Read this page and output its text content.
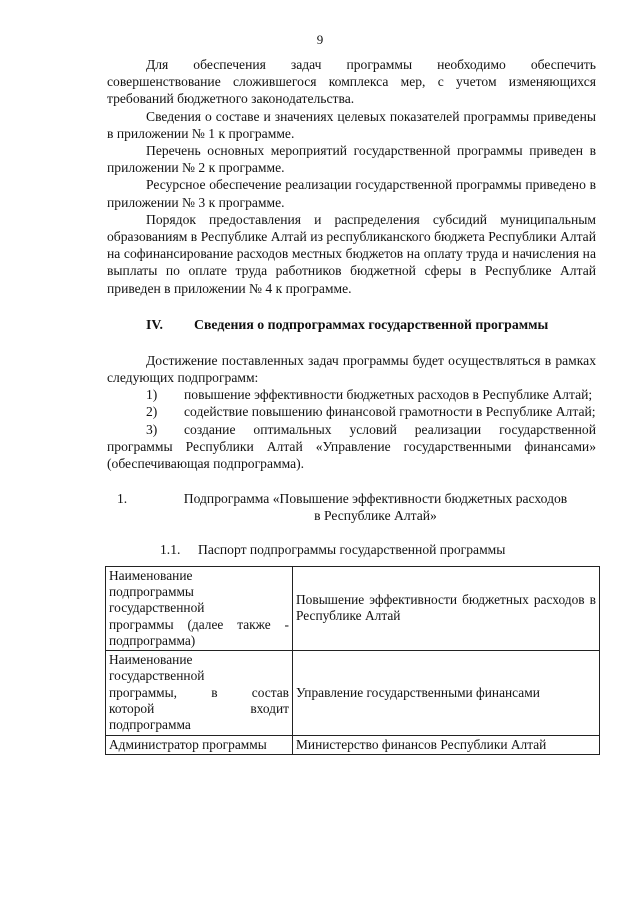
9

Для обеспечения задач программы необходимо обеспечить совершенствование сложившегося комплекса мер, с учетом изменяющихся требований бюджетного законодательства.

Сведения о составе и значениях целевых показателей программы приведены в приложении № 1 к программе.

Перечень основных мероприятий государственной программы приведен в приложении № 2 к программе.

Ресурсное обеспечение реализации государственной программы приведено в приложении № 3 к программе.

Порядок предоставления и распределения субсидий муниципальным образованиям в Республике Алтай из республиканского бюджета Республики Алтай на софинансирование расходов местных бюджетов на оплату труда и начисления на выплаты по оплате труда работников бюджетной сферы в Республике Алтай приведен в приложении № 4 к программе.

IV. Сведения о подпрограммах государственной программы

Достижение поставленных задач программы будет осуществляться в рамках следующих подпрограмм:

1) повышение эффективности бюджетных расходов в Республике Алтай;

2) содействие повышению финансовой грамотности в Республике Алтай;

3) создание оптимальных условий реализации государственной программы Республики Алтай «Управление государственными финансами» (обеспечивающая подпрограмма).

1.	Подпрограмма «Повышение эффективности бюджетных расходов
в Республике Алтай»
1.1. Паспорт подпрограммы государственной программы
Наименование
подпрограммы
государственной
программы (далее также -
подпрограмма)	Повышение эффективности бюджетных расходов в Республике Алтай

Наименование
государственной
программы, в состав
которой входит
подпрограмма	Управление государственными финансами

Администратор программы	Министерство финансов Республики Алтай
